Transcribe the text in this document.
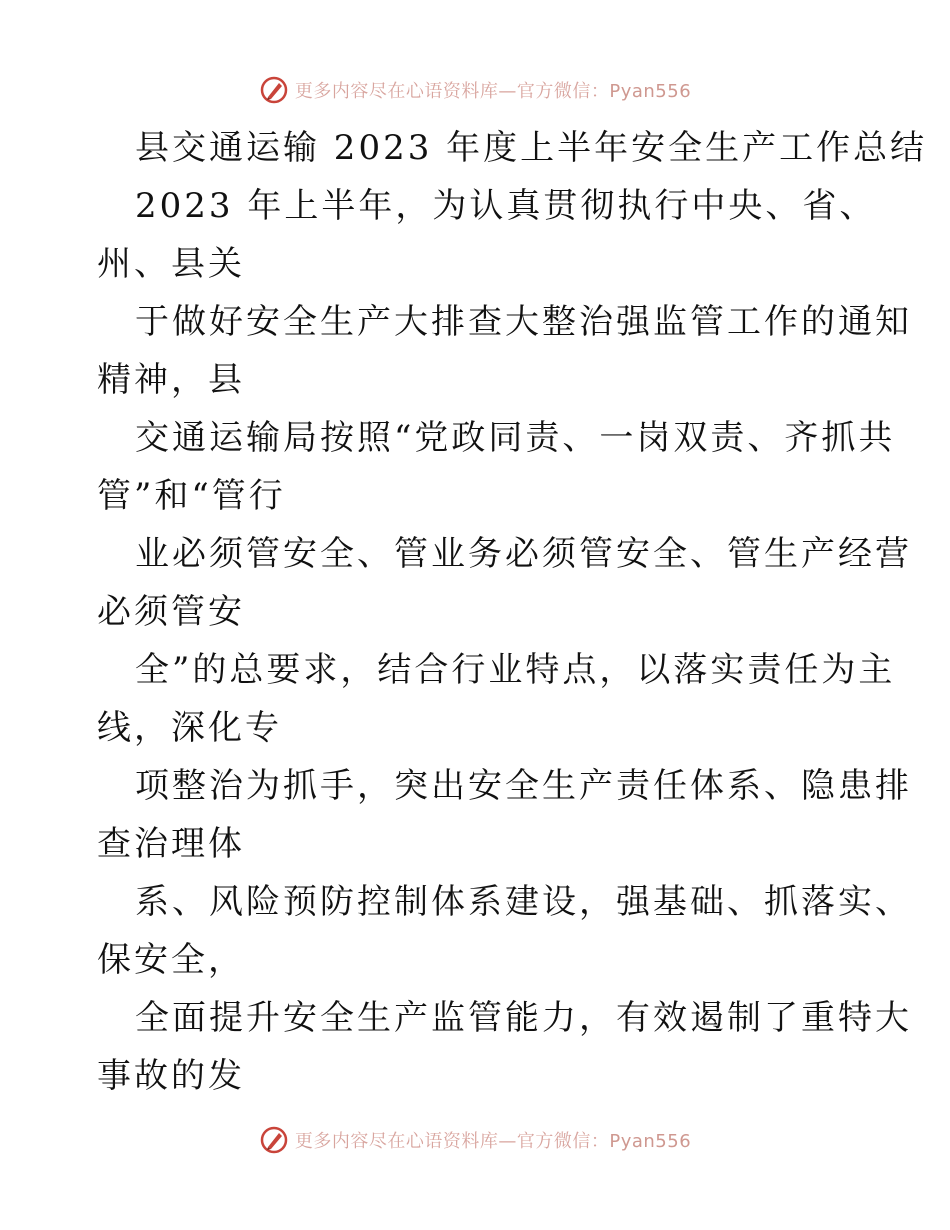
更多内容尽在心语资料库—官方微信：Pyan556
县交通运输 2023 年度上半年安全生产工作总结
2023 年上半年，为认真贯彻执行中央、省、
州、县关
于做好安全生产大排查大整治强监管工作的通知
精神，县
交通运输局按照“党政同责、一岗双责、齐抓共
管”和“管行
业必须管安全、管业务必须管安全、管生产经营
必须管安
全”的总要求，结合行业特点，以落实责任为主
线，深化专
项整治为抓手，突出安全生产责任体系、隐患排
查治理体
系、风险预防控制体系建设，强基础、抓落实、
保安全，
全面提升安全生产监管能力，有效遏制了重特大
事故的发
更多内容尽在心语资料库—官方微信：Pyan556
